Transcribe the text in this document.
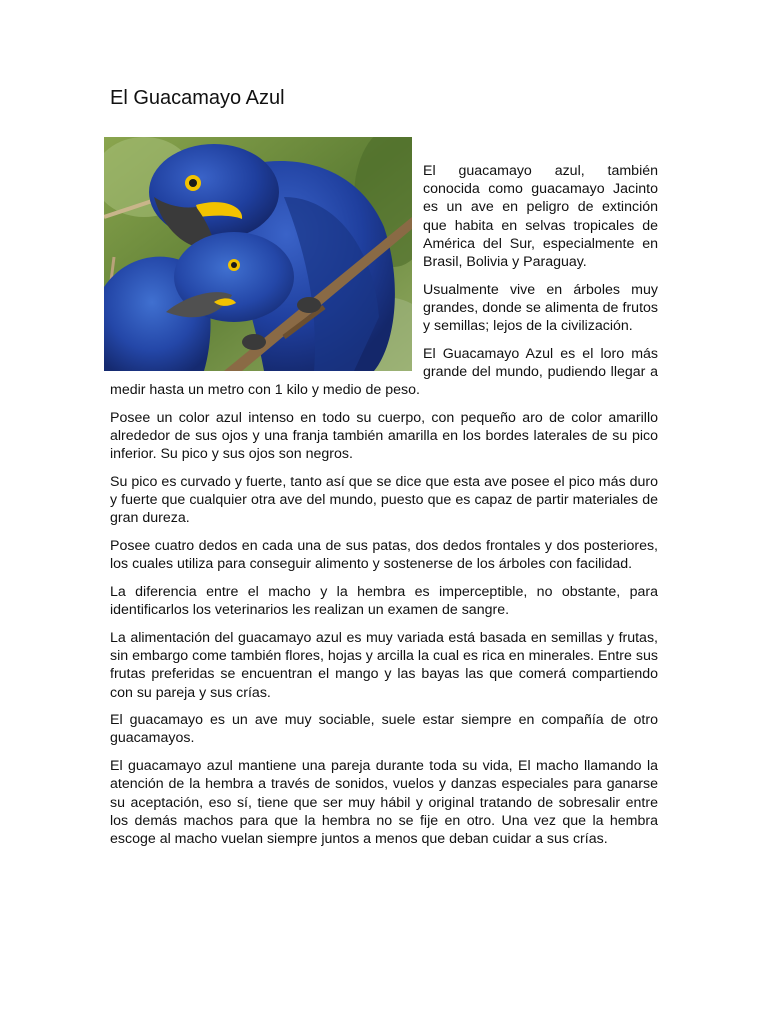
El Guacamayo Azul

El guacamayo azul, también conocida como guacamayo Jacinto es un ave en peligro de extinción que habita en selvas tropicales de América del Sur, especialmente en Brasil, Bolivia y Paraguay.

Usualmente vive en árboles muy grandes, donde se alimenta de frutos y semillas; lejos de la civilización.

El Guacamayo Azul es el loro más grande del mundo, pudiendo llegar a medir hasta un metro con 1 kilo y medio de peso.

Posee un color azul intenso en todo su cuerpo, con pequeño aro de color amarillo alrededor de sus ojos y una franja también amarilla en los bordes laterales de su pico inferior. Su pico y sus ojos son negros.

Su pico es curvado y fuerte, tanto así que se dice que esta ave posee el pico más duro y fuerte que cualquier otra ave del mundo, puesto que es capaz de partir materiales de gran dureza.

Posee cuatro dedos en cada una de sus patas, dos dedos frontales y dos posteriores, los cuales utiliza para conseguir alimento y sostenerse de los árboles con facilidad.

La diferencia entre el macho y la hembra es imperceptible, no obstante, para identificarlos los veterinarios les realizan un examen de sangre.

La alimentación del guacamayo azul es muy variada está basada en semillas y frutas, sin embargo come también flores, hojas y arcilla la cual es rica en minerales. Entre sus frutas preferidas se encuentran el mango y las bayas las que comerá compartiendo con su pareja y sus crías.

El guacamayo es un ave muy sociable, suele estar siempre en compañía de otro guacamayos.

El guacamayo azul mantiene una pareja durante toda su vida, El macho llamando la atención de la hembra a través de sonidos, vuelos y danzas especiales para ganarse su aceptación, eso sí, tiene que ser muy hábil y original tratando de sobresalir entre los demás machos para que la hembra no se fije en otro. Una vez que la hembra escoge al macho vuelan siempre juntos a menos que deban cuidar a sus crías.
